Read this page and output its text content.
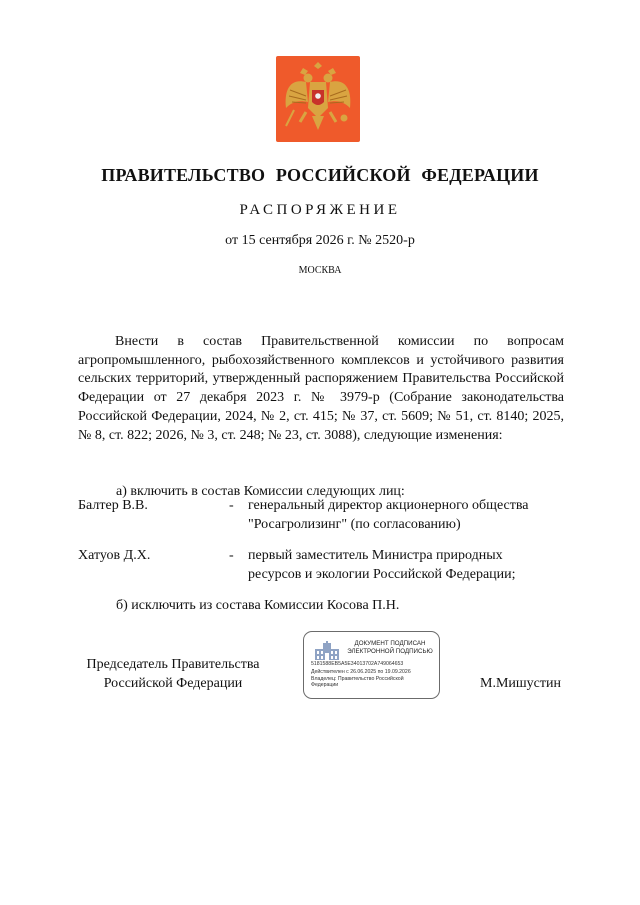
ПРАВИТЕЛЬСТВО РОССИЙСКОЙ ФЕДЕРАЦИИ
РАСПОРЯЖЕНИЕ
от 15 сентября 2026 г. № 2520-р
МОСКВА
Внести в состав Правительственной комиссии по вопросам агропромышленного, рыбохозяйственного комплексов и устойчивого развития сельских территорий, утвержденный распоряжением Правительства Российской Федерации от 27 декабря 2023 г. № 3979-р (Собрание законодательства Российской Федерации, 2024, № 2, ст. 415; № 37, ст. 5609; № 51, ст. 8140; 2025, № 8, ст. 822; 2026, № 3, ст. 248; № 23, ст. 3088), следующие изменения:
а) включить в состав Комиссии следующих лиц:
Балтер В.В.	- генеральный директор акционерного общества
"Росагролизинг" (по согласованию)
Хатуов Д.Х.	- первый заместитель Министра природных
ресурсов и экологии Российской Федерации;
б) исключить из состава Комиссии Косова П.Н.
Председатель Правительства
Российской Федерации
ДОКУМЕНТ ПОДПИСАН
ЭЛЕКТРОННОЙ ПОДПИСЬЮ
5181588EB5A5E34013702A749064653
Действителен с 26.06.2025 по 19.09.2026
Владелец: Правительство Российской
Федерации	М.Мишустин
